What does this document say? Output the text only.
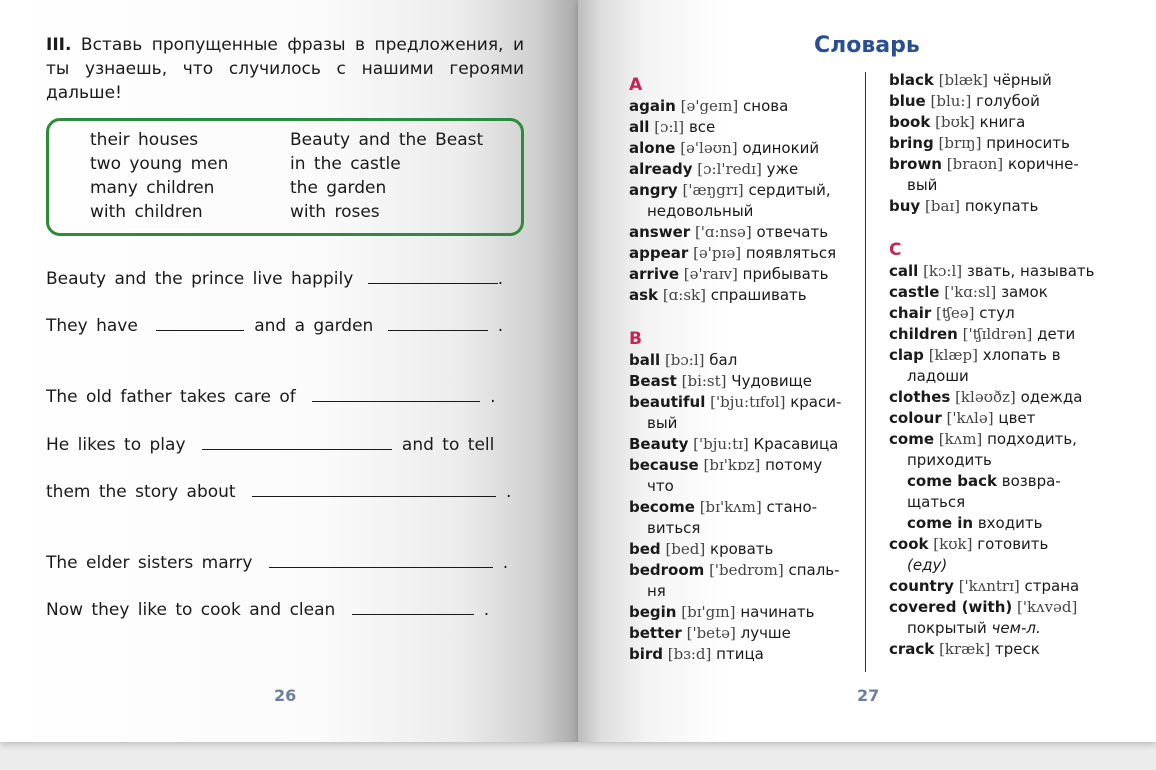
III. Вставь пропущенные фразы в предложения, и ты узнаешь, что случилось с нашими героями дальше!

their houses
two young men
many children
with children
Beauty and the Beast
in the castle
the garden
with roses
Beauty and the prince live happily	.
They have	and a garden	.
The old father takes care of	.
He likes to play	and to tell
them the story about	.
The elder sisters marry	.
Now they like to cook and clean	.
26
Словарь
A
again [ə'geɪn] снова
all [ɔ:l] все
alone [ə'ləʊn] одинокий
already [ɔ:l'redɪ] уже
angry ['æŋgrɪ] сердитый,
недовольный
answer ['ɑ:nsə] отвечать
appear [ə'pɪə] появляться
arrive [ə'raɪv] прибывать
ask [ɑ:sk] спрашивать
B
ball [bɔ:l] бал
Beast [bi:st] Чудовище
beautiful ['bju:tɪfʊl] краси-
вый
Beauty ['bju:tɪ] Красавица
because [bɪ'kɒz] потому
что
become [bɪ'kʌm] стано-
виться
bed [bed] кровать
bedroom ['bedrʊm] спаль-
ня
begin [bɪ'gɪn] начинать
better ['betə] лучше
bird [bɜ:d] птица
black [blæk] чёрный
blue [blu:] голубой
book [bʊk] книга
bring [brɪŋ] приносить
brown [braʊn] коричне-
вый
buy [baɪ] покупать
C
call [kɔ:l] звать, называть
castle ['kɑ:sl] замок
chair [ʧeə] стул
children ['ʧɪldrən] дети
clap [klæp] хлопать в
ладоши
clothes [kləʊðz] одежда
colour ['kʌlə] цвет
come [kʌm] подходить,
приходить
come back возвра-
щаться
come in входить
cook [kʊk] готовить
(еду)
country ['kʌntrɪ] страна
covered (with) ['kʌvəd]
покрытый чем-л.
crack [kræk] треск
27
